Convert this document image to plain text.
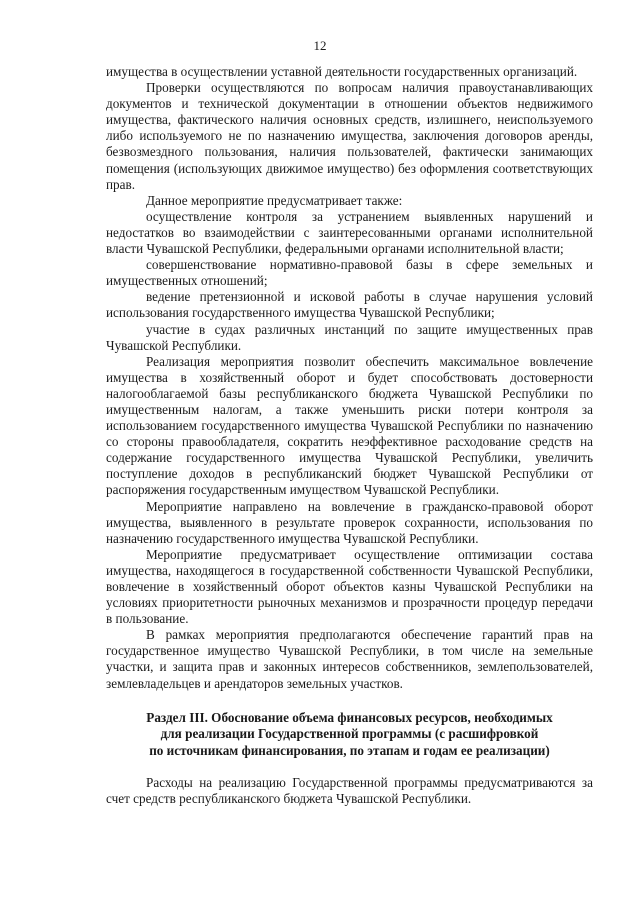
12

имущества в осуществлении уставной деятельности государственных организаций.

Проверки осуществляются по вопросам наличия правоустанавливающих документов и технической документации в отношении объектов недвижимого имущества, фактического наличия основных средств, излишнего, неиспользуемого либо используемого не по назначению имущества, заключения договоров аренды, безвозмездного пользования, наличия пользователей, фактически занимающих помещения (использующих движимое имущество) без оформления соответствующих прав.

Данное мероприятие предусматривает также:

осуществление контроля за устранением выявленных нарушений и недостатков во взаимодействии с заинтересованными органами исполнительной власти Чувашской Республики, федеральными органами исполнительной власти;

совершенствование нормативно-правовой базы в сфере земельных и имущественных отношений;

ведение претензионной и исковой работы в случае нарушения условий использования государственного имущества Чувашской Республики;

участие в судах различных инстанций по защите имущественных прав Чувашской Республики.

Реализация мероприятия позволит обеспечить максимальное вовлечение имущества в хозяйственный оборот и будет способствовать достоверности налогооблагаемой базы республиканского бюджета Чувашской Республики по имущественным налогам, а также уменьшить риски потери контроля за использованием государственного имущества Чувашской Республики по назначению со стороны правообладателя, сократить неэффективное расходование средств на содержание государственного имущества Чувашской Республики, увеличить поступление доходов в республиканский бюджет Чувашской Республики от распоряжения государственным имуществом Чувашской Республики.

Мероприятие направлено на вовлечение в гражданско-правовой оборот имущества, выявленного в результате проверок сохранности, использования по назначению государственного имущества Чувашской Республики.

Мероприятие предусматривает осуществление оптимизации состава имущества, находящегося в государственной собственности Чувашской Республики, вовлечение в хозяйственный оборот объектов казны Чувашской Республики на условиях приоритетности рыночных механизмов и прозрачности процедур передачи в пользование.

В рамках мероприятия предполагаются обеспечение гарантий прав на государственное имущество Чувашской Республики, в том числе на земельные участки, и защита прав и законных интересов собственников, землепользователей, землевладельцев и арендаторов земельных участков.

Раздел III. Обоснование объема финансовых ресурсов, необходимых
для реализации Государственной программы (с расшифровкой
по источникам финансирования, по этапам и годам ее реализации)

Расходы на реализацию Государственной программы предусматриваются за счет средств республиканского бюджета Чувашской Республики.
